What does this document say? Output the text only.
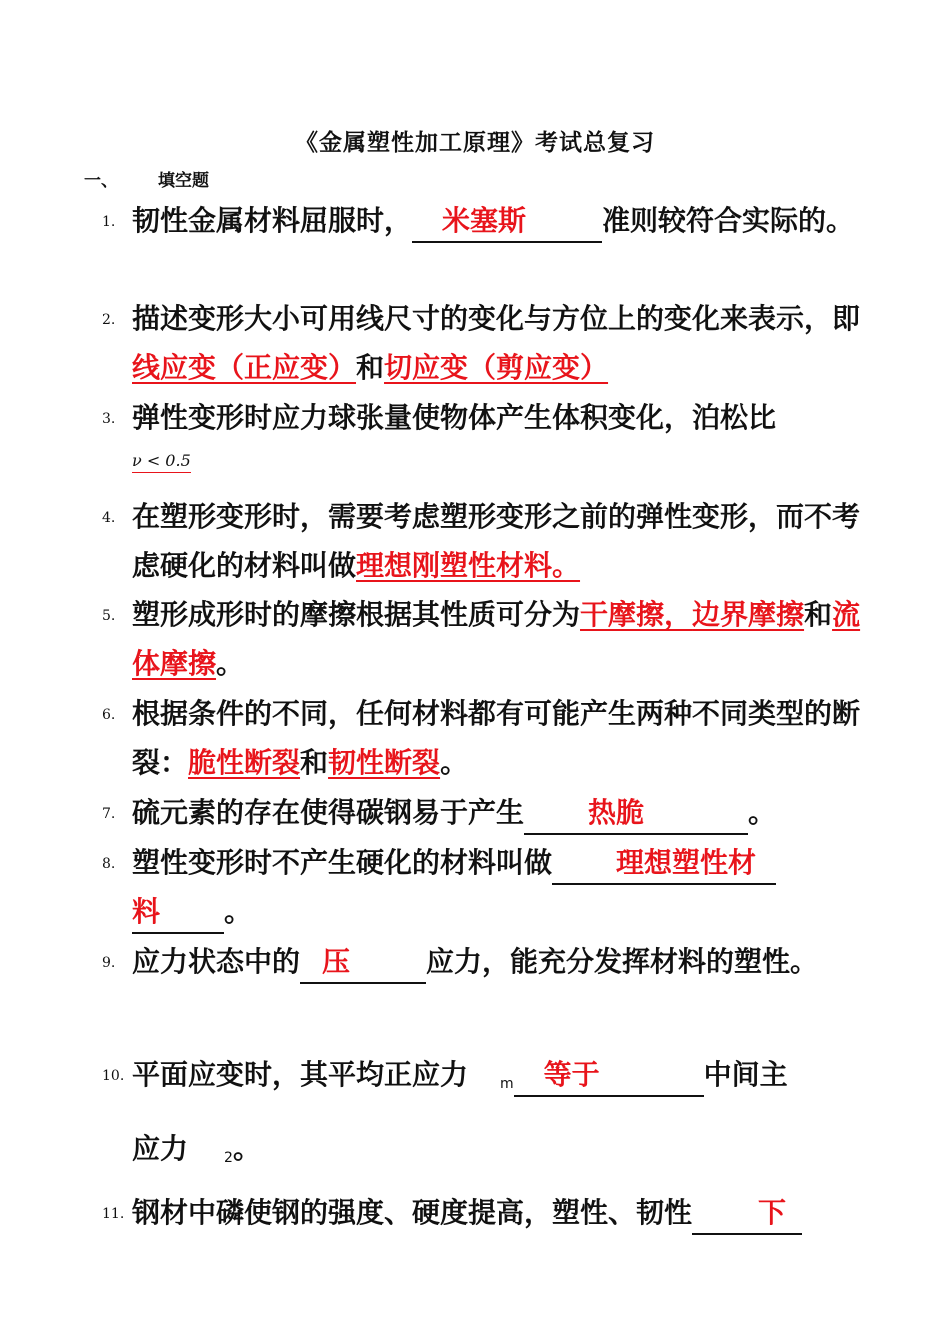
《金属塑性加工原理》考试总复习
一、 填空题
1. 韧性金属材料屈服时， 米塞斯	准则较符合实际的。
2. 描述变形大小可用线尺寸的变化与方位上的变化来表示，即线应变（正应变）和切应变（剪应变）
3. 弹性变形时应力球张量使物体产生体积变化，泊松比
ν < 0.5
4. 在塑形变形时，需要考虑塑形变形之前的弹性变形，而不考虑硬化的材料叫做理想刚塑性材料。
5. 塑形成形时的摩擦根据其性质可分为干摩擦，边界摩擦和流体摩擦。
6. 根据条件的不同，任何材料都有可能产生两种不同类型的断裂：脆性断裂和韧性断裂。
7. 硫元素的存在使得碳钢易于产生 热脆	。
8. 塑性变形时不产生硬化的材料叫做 理想塑性材
料 。
9. 应力状态中的 压	应力，能充分发挥材料的塑性。
10. 平面应变时，其平均正应力 m 等于	中间主
应力	2。
11. 钢材中磷使钢的强度、硬度提高，塑性、韧性 下
